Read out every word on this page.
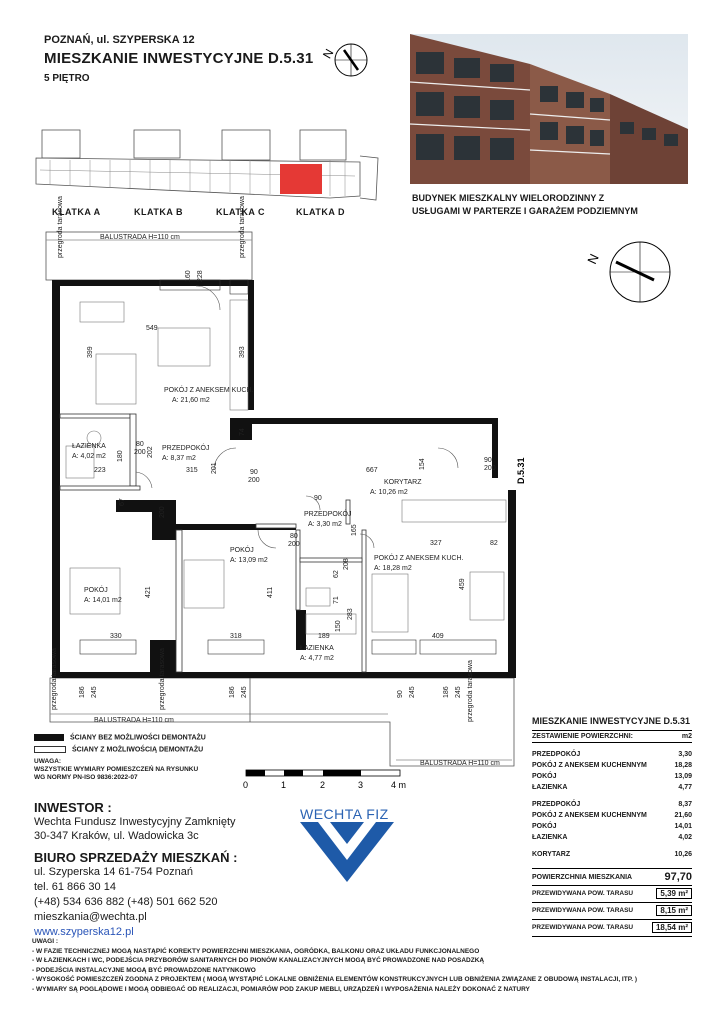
POZNAŃ, ul. SZYPERSKA 12
MIESZKANIE INWESTYCYJNE D.5.31
5 PIĘTRO
N
KLATKA A	KLATKA B	KLATKA C	KLATKA D
BUDYNEK MIESZKALNY WIELORODZINNY Z
USŁUGAMI W PARTERZE I GARAŻEM PODZIEMNYM
N
BALUSTRADA H=110 cm
BALUSTRADA H=110 cm
BALUSTRADA H=110 cm
przegroda tarasowa	przegroda tarasowa
przegroda tarasowa	przegroda tarasowa	przegroda tarasowa
D.5.31
POKÓJ Z ANEKSEM KUCH.
A: 21,60 m2
ŁAZIENKA
A: 4,02 m2
PRZEDPOKÓJ
A: 8,37 m2
KORYTARZ
A: 10,26 m2
PRZEDPOKÓJ
A: 3,30 m2
POKÓJ
A: 14,01 m2
POKÓJ
A: 13,09 m2	POKÓJ Z ANEKSEM KUCH.
A: 18,28 m2
ŁAZIENKA
A: 4,77 m2
549
399	393
160 228
74
223
80
200
180	202
315 201	90
200
667
154	90
200
67
200
90
80
200
165
327	82
421	411
208
62
71
283
150
459
330	318	189	409
186 245	186 245	90 245	186 245
ŚCIANY BEZ MOŻLIWOŚCI DEMONTAŻU
ŚCIANY Z MOŻLIWOŚCIĄ DEMONTAŻU
UWAGA:
WSZYSTKIE WYMIARY POMIESZCZEŃ NA RYSUNKU
WG NORMY PN-ISO 9836:2022-07
0	1	2	3	4 m
INWESTOR :
Wechta Fundusz Inwestycyjny Zamknięty
30-347 Kraków, ul. Wadowicka 3c
BIURO SPRZEDAŻY MIESZKAŃ :
ul. Szyperska 14 61-754 Poznań
tel. 61 866 30 14
(+48) 534 636 882 (+48) 501 662 520
mieszkania@wechta.pl
www.szyperska12.pl
WECHTA FIZ
MIESZKANIE INWESTYCYJNE D.5.31
ZESTAWIENIE POWIERZCHNI:	m2
PRZEDPOKÓJ	3,30
POKÓJ Z ANEKSEM KUCHENNYM	18,28
POKÓJ	13,09
ŁAZIENKA	4,77
PRZEDPOKÓJ	8,37
POKÓJ Z ANEKSEM KUCHENNYM	21,60
POKÓJ	14,01
ŁAZIENKA	4,02
KORYTARZ	10,26
POWIERZCHNIA MIESZKANIA	97,70
PRZEWIDYWANA POW. TARASU	5,39 m²
PRZEWIDYWANA POW. TARASU	8,15 m²
PRZEWIDYWANA POW. TARASU	18,54 m²
UWAGI :
- W FAZIE TECHNICZNEJ MOGĄ NASTĄPIĆ KOREKTY POWIERZCHNI MIESZKANIA, OGRÓDKA, BALKONU ORAZ UKŁADU FUNKCJONALNEGO
- W ŁAZIENKACH I WC, PODEJŚCIA PRZYBORÓW SANITARNYCH DO PIONÓW KANALIZACYJNYCH MOGĄ BYĆ PROWADZONE NAD POSADZKĄ
- PODEJŚCIA INSTALACYJNE MOGĄ BYĆ PROWADZONE NATYNKOWO
- WYSOKOŚĆ POMIESZCZEŃ ZGODNA Z PROJEKTEM ( MOGĄ WYSTĄPIĆ LOKALNE OBNIŻENIA ELEMENTÓW KONSTRUKCYJNYCH LUB OBNIŻENIA ZWIĄZANE Z OBUDOWĄ INSTALACJI, ITP. )
- WYMIARY SĄ POGLĄDOWE I MOGĄ ODBIEGAĆ OD REALIZACJI, POMIARÓW POD ZAKUP MEBLI, URZĄDZEŃ I WYPOSAŻENIA NALEŻY DOKONAĆ Z NATURY
